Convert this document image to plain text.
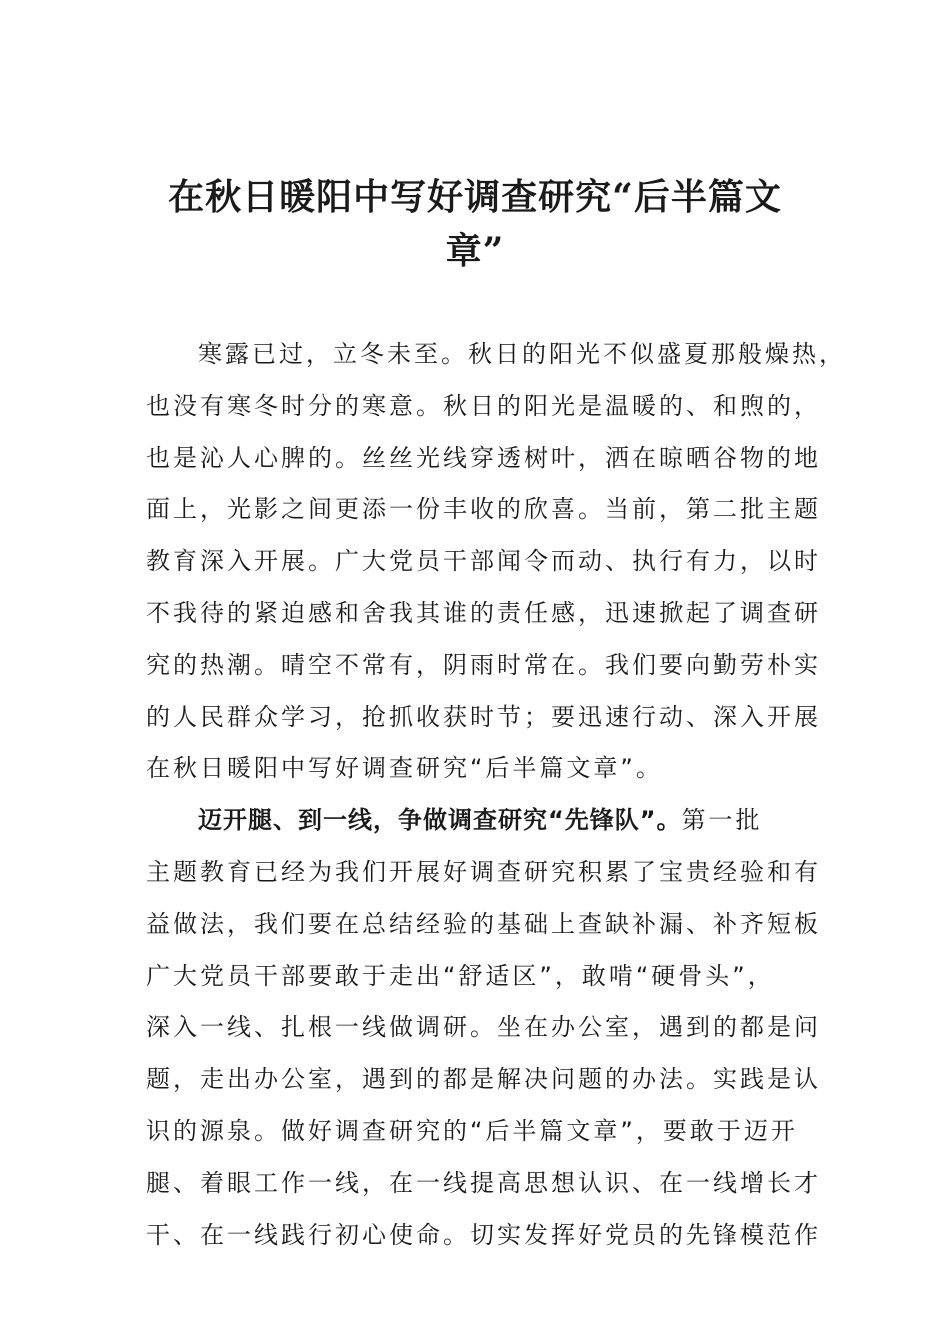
在秋日暖阳中写好调查研究“后半篇文
章”

寒露已过，立冬未至。秋日的阳光不似盛夏那般燥热，
也没有寒冬时分的寒意。秋日的阳光是温暖的、和煦的，
也是沁人心脾的。丝丝光线穿透树叶，洒在晾晒谷物的地
面上，光影之间更添一份丰收的欣喜。当前，第二批主题
教育深入开展。广大党员干部闻令而动、执行有力，以时
不我待的紧迫感和舍我其谁的责任感，迅速掀起了调查研
究的热潮。晴空不常有，阴雨时常在。我们要向勤劳朴实
的人民群众学习，抢抓收获时节；要迅速行动、深入开展
在秋日暖阳中写好调查研究“后半篇文章”。

迈开腿、到一线，争做调查研究“先锋队”。第一批
主题教育已经为我们开展好调查研究积累了宝贵经验和有
益做法，我们要在总结经验的基础上查缺补漏、补齐短板
广大党员干部要敢于走出“舒适区”，敢啃“硬骨头”，
深入一线、扎根一线做调研。坐在办公室，遇到的都是问
题，走出办公室，遇到的都是解决问题的办法。实践是认
识的源泉。做好调查研究的“后半篇文章”，要敢于迈开
腿、着眼工作一线，在一线提高思想认识、在一线增长才
干、在一线践行初心使命。切实发挥好党员的先锋模范作
